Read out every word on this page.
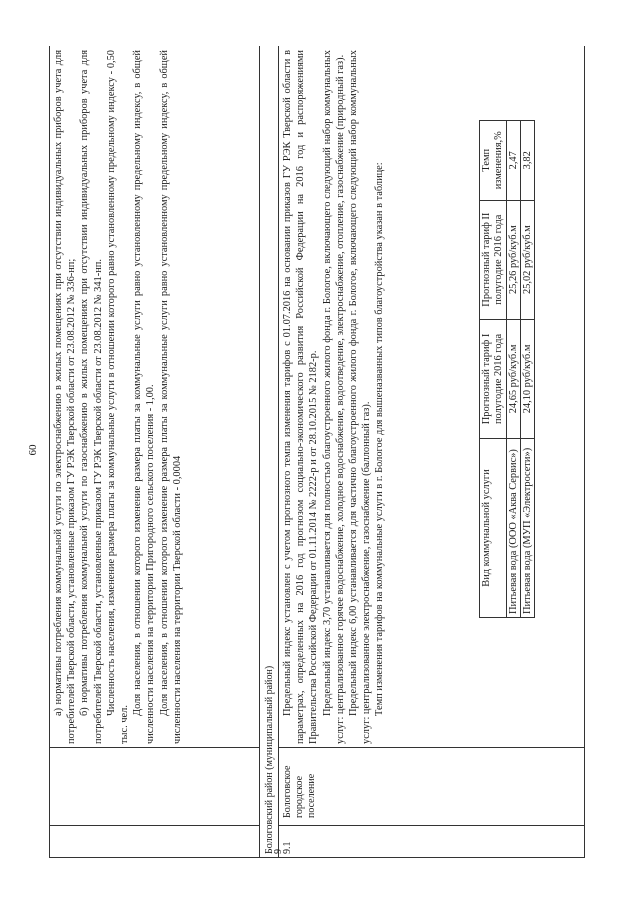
60
9
Бологовский район (муниципальный район)

а) нормативы потребления коммунальной услуги по электроснабжению в жилых помещениях при отсутствии индивидуальных приборов учета для потребителей Тверской области, установленные приказом ГУ РЭК Тверской области от 23.08.2012 № 336-нп; б) нормативы потребления коммунальной услуги по газоснабжению в жилых помещениях при отсутствии индивидуальных приборов учета для потребителей Тверской области, установленные приказом ГУ РЭК Тверской области от 23.08.2012 № 341-нп. Численность населения, изменение размера платы за коммунальные услуги в отношении которого равно установленному предельному индексу - 0,50 тыс. чел.

Доля населения, в отношении которого изменение размера платы за коммунальные услуги равно установленному предельному индексу, в общей численности населения на территории Пригородного сельского поселения - 1,00. Доля населения, в отношении которого изменение размера платы за коммунальные услуги равно установленному предельному индексу, в общей численности населения на территории Тверской области - 0,0004

9.1
Бологовское городское поселение

Предельный индекс установлен с учетом прогнозного темпа изменения тарифов с 01.07.2016 на основании приказов ГУ РЭК Тверской области в параметрах, определенных на 2016 год прогнозом социально-экономического развития Российской Федерации на 2016 год и распоряжениями Правительства Российской Федерации от 01.11.2014 № 2222-р и от 28.10.2015 № 2182-р. Предельный индекс 3,70 устанавливается для полностью благоустроенного жилого фонда г. Бологое, включающего следующий набор коммунальных услуг: централизованное горячее водоснабжение, холодное водоснабжение, водоотведение, электроснабжение, отопление, газоснабжение (природный газ). Предельный индекс 6,00 устанавливается для частично благоустроенного жилого фонда г. Бологое, включающего следующий набор коммунальных услуг: централизованное электроснабжение, газоснабжение (баллонный газ). Темп изменения тарифов на коммунальные услуги в г. Бологое для вышеназванных типов благоустройства указан в таблице:	Вид коммунальной услуги	Прогнозный тариф I полугодие 2016 года	Прогнозный тариф II полугодие 2016 года	Темп изменения,%
Питьевая вода (ООО «Аква Сервис»)	24,65 руб/куб.м	25,26 руб/куб.м	2,47
Питьевая вода (МУП «Электросети»)	24,10 руб/куб.м	25,02 руб/куб.м	3,82
